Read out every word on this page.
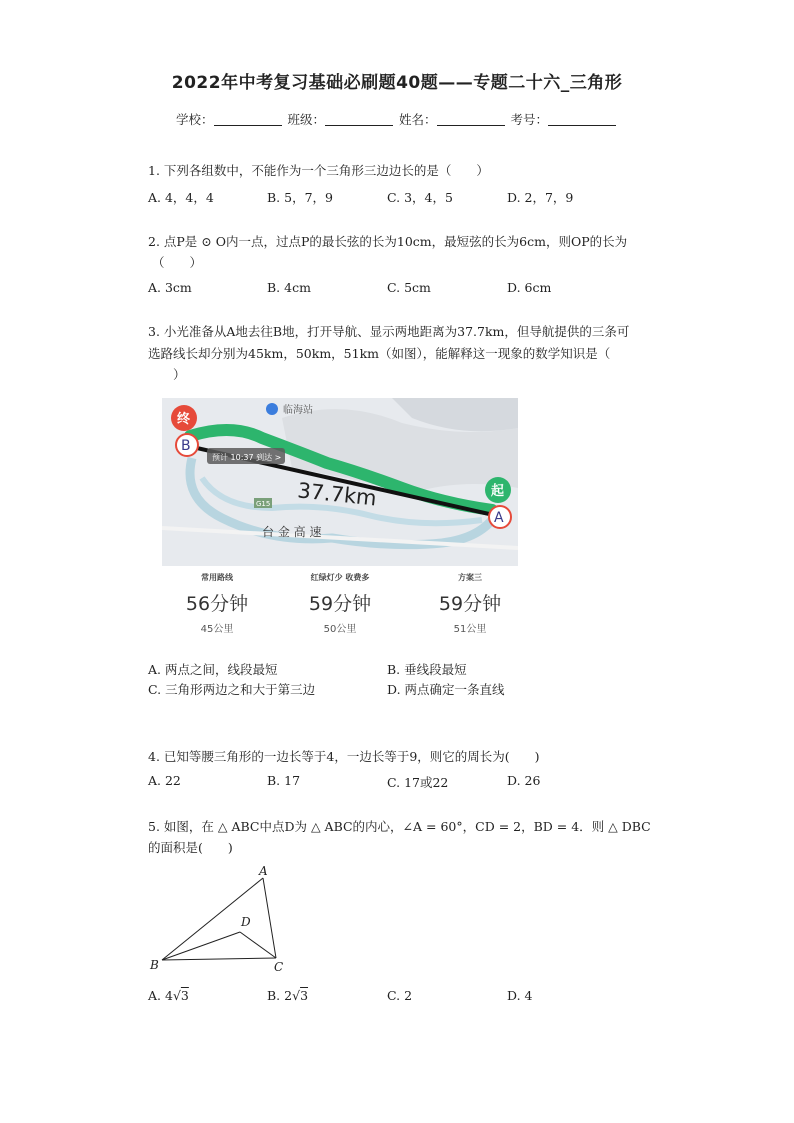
2022年中考复习基础必刷题40题——专题二十六_三角形
学校：	班级：	姓名：	考号：
1. 下列各组数中，不能作为一个三角形三边边长的是（　　）
A. 4，4，4	B. 5，7，9	C. 3，4，5	D. 2，7，9
2. 点P是 ⊙ O内一点，过点P的最长弦的长为10cm，最短弦的长为6cm，则OP的长为
（　　）
A. 3cm	B. 4cm	C. 5cm	D. 6cm
3. 小光准备从A地去往B地，打开导航、显示两地距离为37.7km，但导航提供的三条可
选路线长却分别为45km，50km，51km（如图），能解释这一现象的数学知识是（
）
预计 10:37 到达 >
临海站
G15 37.7km
台 金 高 速
终
B
起
A
常用路线
56分钟
45公里
红绿灯少 收费多
59分钟
50公里
方案三
59分钟
51公里
A. 两点之间，线段最短	B. 垂线段最短
C. 三角形两边之和大于第三边	D. 两点确定一条直线
4. 已知等腰三角形的一边长等于4，一边长等于9，则它的周长为(　　)
A. 22	B. 17	C. 17或22	D. 26
5. 如图，在 △ ABC中点D为 △ ABC的内心，∠A = 60°，CD = 2，BD = 4．则 △ DBC
的面积是(　　)
A
B	C
D
A. 4√3	B. 2√3	C. 2	D. 4
